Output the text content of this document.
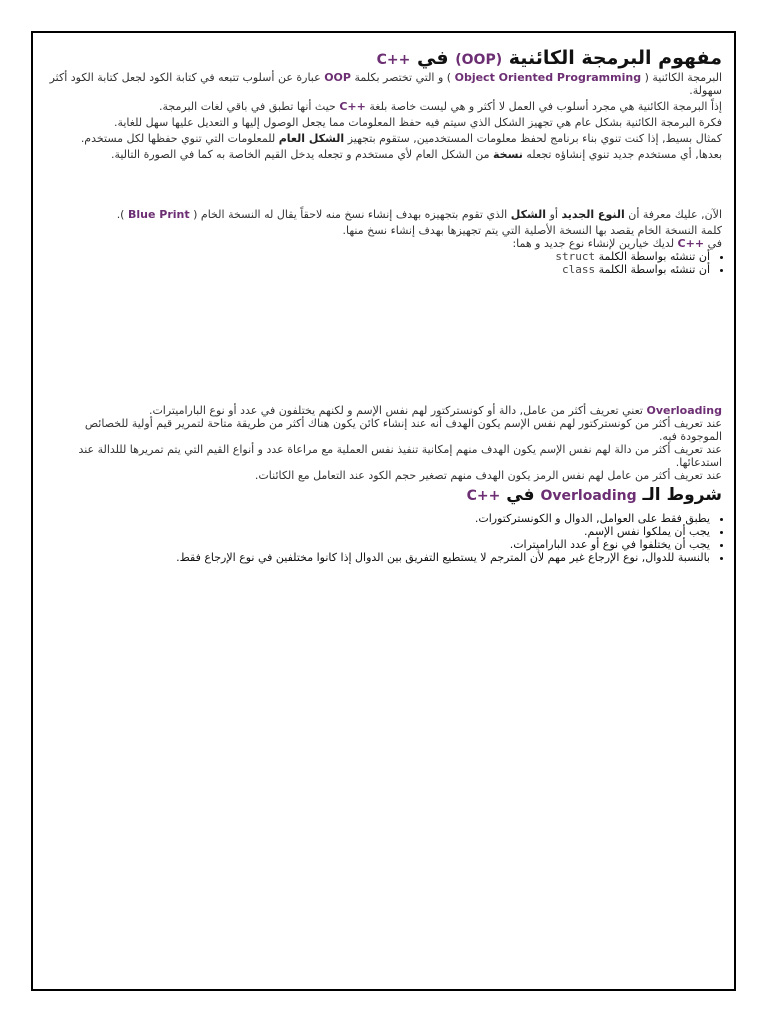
مفهوم البرمجة الكائنية (OOP) في C++

البرمجة الكائنية ( Object Oriented Programming ) و التي تختصر بكلمة OOP عبارة عن أسلوب تتبعه في كتابة الكود لجعل كتابة الكود أكثر سهولة.

إذاً البرمجة الكائنية هي مجرد أسلوب في العمل لا أكثر و هي ليست خاصة بلغة C++ حيث أنها تطبق في باقي لغات البرمجة.

فكرة البرمجة الكائنية بشكل عام هي تجهيز الشكل الذي سيتم فيه حفظ المعلومات مما يجعل الوصول إليها و التعديل عليها سهل للغاية.

كمثال بسيط, إذا كنت تنوي بناء برنامج لحفظ معلومات المستخدمين, ستقوم بتجهيز الشكل العام للمعلومات التي تنوي حفظها لكل مستخدم.

بعدها, أي مستخدم جديد تنوي إنشاؤه تجعله نسخة من الشكل العام لأي مستخدم و تجعله يدخل القيم الخاصة به كما في الصورة التالية.

الآن, عليك معرفة أن النوع الجديد أو الشكل الذي تقوم بتجهيزه بهدف إنشاء نسخ منه لاحقاً يقال له النسخة الخام ( Blue Print ).

كلمة النسخة الخام يقصد بها النسخة الأصلية التي يتم تجهيزها بهدف إنشاء نسخ منها.

في C++ لديك خيارين لإنشاء نوع جديد و هما:

• أن تنشئه بواسطة الكلمة struct
• أن تنشئه بواسطة الكلمة class

Overloading تعني تعريف أكثر من عامل, دالة أو كونستركتور لهم نفس الإسم و لكنهم يختلفون في عدد أو نوع الباراميترات.

عند تعريف أكثر من كونستركتور لهم نفس الإسم يكون الهدف أنه عند إنشاء كائن يكون هناك أكثر من طريقة متاحة لتمرير قيم أولية للخصائص الموجودة فيه.

عند تعريف أكثر من دالة لهم نفس الإسم يكون الهدف منهم إمكانية تنفيذ نفس العملية مع مراعاة عدد و أنواع القيم التي يتم تمريرها لللدالة عند استدعائها.

عند تعريف أكثر من عامل لهم نفس الرمز يكون الهدف منهم تصغير حجم الكود عند التعامل مع الكائنات.

شروط الـ Overloading في C++
• يطبق فقط على العوامل, الدوال و الكونستركتورات.
• يجب أن يملكوا نفس الإسم.
• يجب أن يختلفوا في نوع أو عدد الباراميترات.
• بالنسبة للدوال, نوع الإرجاع غير مهم لأن المترجم لا يستطيع التفريق بين الدوال إذا كانوا مختلفين في نوع الإرجاع فقط.
